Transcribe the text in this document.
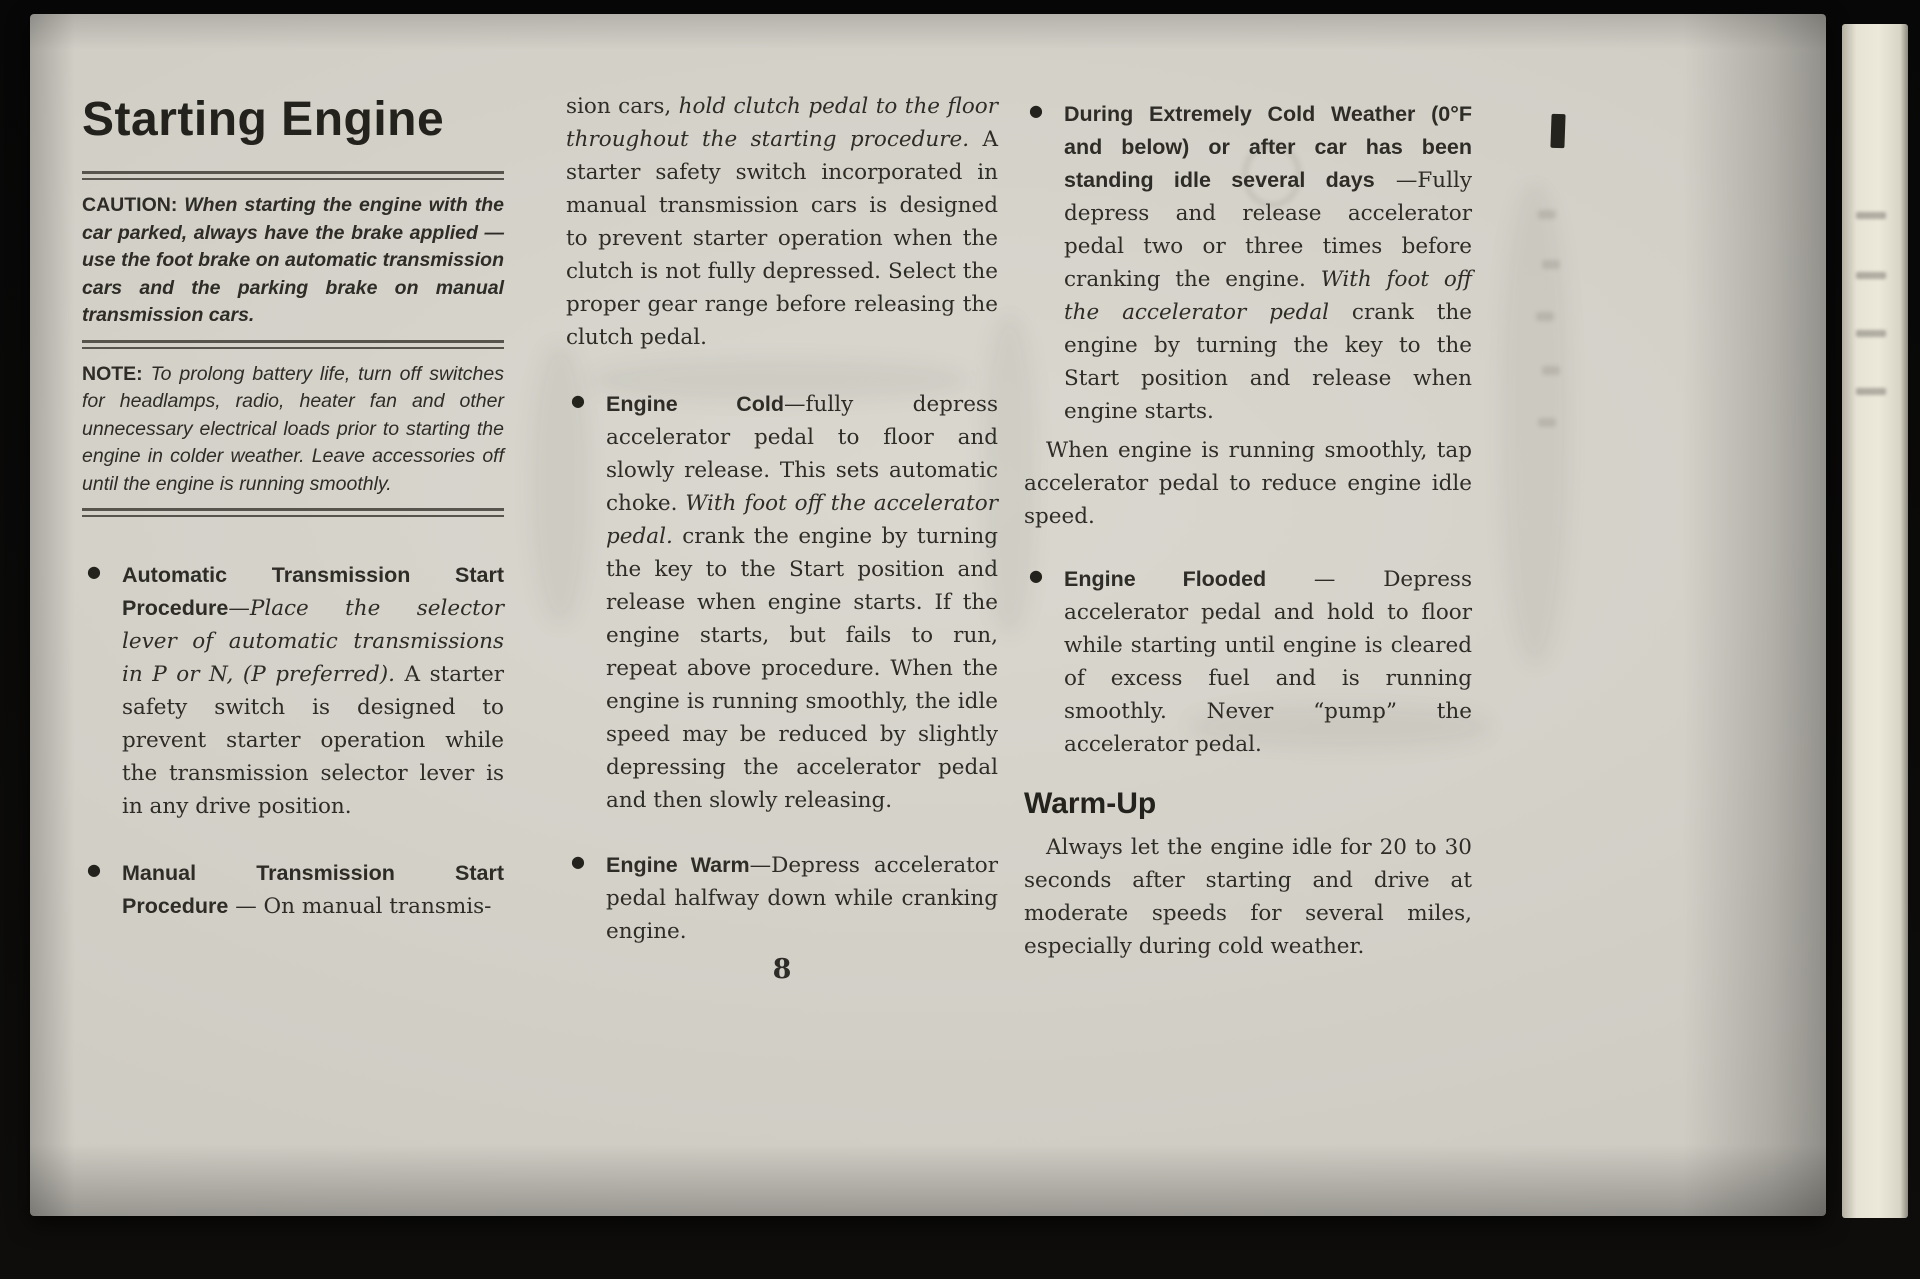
Starting Engine

CAUTION: When starting the engine with the car parked, always have the brake applied — use the foot brake on automatic transmission cars and the parking brake on manual transmission cars.

NOTE: To prolong battery life, turn off switches for headlamps, radio, heater fan and other unnecessary electrical loads prior to starting the engine in colder weather. Leave accessories off until the engine is running smoothly.

● Automatic Transmission Start Procedure—Place the selector lever of automatic transmissions in P or N, (P preferred). A starter safety switch is designed to prevent starter operation while the transmission selector lever is in any drive position.

● Manual Transmission Start Procedure — On manual transmis-

sion cars, hold clutch pedal to the floor throughout the starting procedure. A starter safety switch incorporated in manual transmission cars is designed to prevent starter operation when the clutch is not fully depressed. Select the proper gear range before releasing the clutch pedal.

● Engine Cold—fully depress accelerator pedal to floor and slowly release. This sets automatic choke. With foot off the accelerator pedal. crank the engine by turning the key to the Start position and release when engine starts. If the engine starts, but fails to run, repeat above procedure. When the engine is running smoothly, the idle speed may be reduced by slightly depressing the accelerator pedal and then slowly releasing.

● Engine Warm—Depress accelerator pedal halfway down while cranking engine.

● During Extremely Cold Weather (0°F and below) or after car has been standing idle several days —Fully depress and release accelerator pedal two or three times before cranking the engine. With foot off the accelerator pedal crank the engine by turning the key to the Start position and release when engine starts.

When engine is running smoothly, tap accelerator pedal to reduce engine idle speed.

● Engine Flooded — Depress accelerator pedal and hold to floor while starting until engine is cleared of excess fuel and is running smoothly. Never “pump” the accelerator pedal.

Warm-Up

Always let the engine idle for 20 to 30 seconds after starting and drive at moderate speeds for several miles, especially during cold weather.

8
